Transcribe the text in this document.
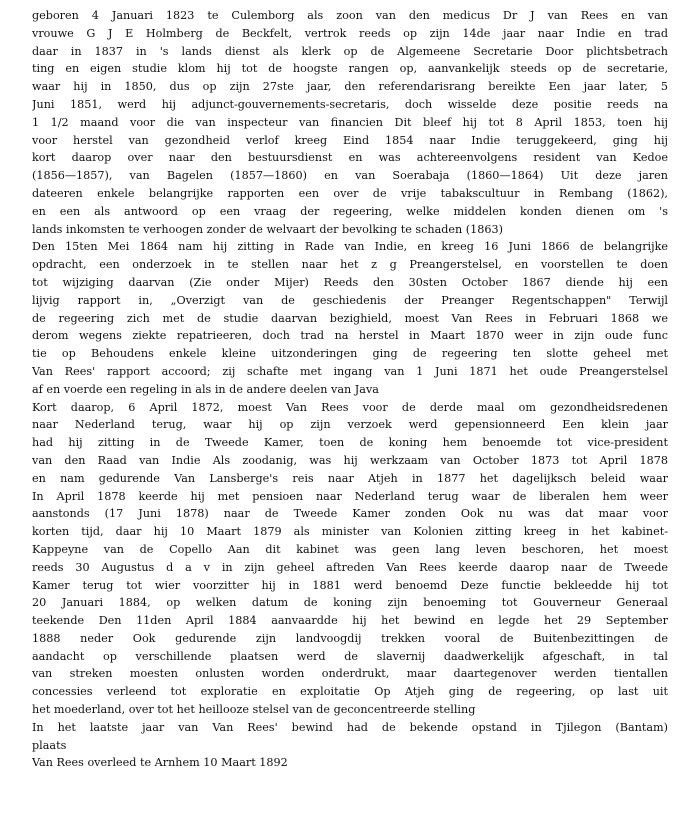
geboren 4 Januari 1823 te Culemborg als zoon van den medicus Dr J van Rees en van
vrouwe G J E Holmberg de Beckfelt, vertrok reeds op zijn 14de jaar naar Indie en trad
daar in 1837 in 's lands dienst als klerk op de Algemeene Secretarie Door plichtsbetrach
ting en eigen studie klom hij tot de hoogste rangen op, aanvankelijk steeds op de secretarie,
waar hij in 1850, dus op zijn 27ste jaar, den referendarisrang bereikte Een jaar later, 5
Juni 1851, werd hij adjunct-gouvernements-secretaris, doch wisselde deze positie reeds na
1 1/2 maand voor die van inspecteur van financien Dit bleef hij tot 8 April 1853, toen hij
voor herstel van gezondheid verlof kreeg Eind 1854 naar Indie teruggekeerd, ging hij
kort daarop over naar den bestuursdienst en was achtereenvolgens resident van Kedoe
(1856—1857), van Bagelen (1857—1860) en van Soerabaja (1860—1864) Uit deze jaren
dateeren enkele belangrijke rapporten een over de vrije tabakscultuur in Rembang (1862),
en een als antwoord op een vraag der regeering, welke middelen konden dienen om 's
lands inkomsten te verhoogen zonder de welvaart der bevolking te schaden (1863)
Den 15ten Mei 1864 nam hij zitting in Rade van Indie, en kreeg 16 Juni 1866 de belangrijke
opdracht, een onderzoek in te stellen naar het z g Preangerstelsel, en voorstellen te doen
tot wijziging daarvan (Zie onder Mijer) Reeds den 30sten October 1867 diende hij een
lijvig rapport in, „Overzigt van de geschiedenis der Preanger Regentschappen" Terwijl
de regeering zich met de studie daarvan bezighield, moest Van Rees in Februari 1868 we
derom wegens ziekte repatrieeren, doch trad na herstel in Maart 1870 weer in zijn oude func
tie op Behoudens enkele kleine uitzonderingen ging de regeering ten slotte geheel met
Van Rees' rapport accoord; zij schafte met ingang van 1 Juni 1871 het oude Preangerstelsel
af en voerde een regeling in als in de andere deelen van Java
Kort daarop, 6 April 1872, moest Van Rees voor de derde maal om gezondheidsredenen
naar Nederland terug, waar hij op zijn verzoek werd gepensionneerd Een klein jaar
had hij zitting in de Tweede Kamer, toen de koning hem benoemde tot vice-president
van den Raad van Indie Als zoodanig, was hij werkzaam van October 1873 tot April 1878
en nam gedurende Van Lansberge's reis naar Atjeh in 1877 het dagelijksch beleid waar
In April 1878 keerde hij met pensioen naar Nederland terug waar de liberalen hem weer
aanstonds (17 Juni 1878) naar de Tweede Kamer zonden Ook nu was dat maar voor
korten tijd, daar hij 10 Maart 1879 als minister van Kolonien zitting kreeg in het kabinet-
Kappeyne van de Copello Aan dit kabinet was geen lang leven beschoren, het moest
reeds 30 Augustus d a v in zijn geheel aftreden Van Rees keerde daarop naar de Tweede
Kamer terug tot wier voorzitter hij in 1881 werd benoemd Deze functie bekleedde hij tot
20 Januari 1884, op welken datum de koning zijn benoeming tot Gouverneur Generaal
teekende Den 11den April 1884 aanvaardde hij het bewind en legde het 29 September
1888 neder Ook gedurende zijn landvoogdij trekken vooral de Buitenbezittingen de
aandacht op verschillende plaatsen werd de slavernij daadwerkelijk afgeschaft, in tal
van streken moesten onlusten worden onderdrukt, maar daartegenover werden tientallen
concessies verleend tot exploratie en exploitatie Op Atjeh ging de regeering, op last uit
het moederland, over tot het heillooze stelsel van de geconcentreerde stelling
In het laatste jaar van Van Rees' bewind had de bekende opstand in Tjilegon (Bantam)
plaats
Van Rees overleed te Arnhem 10 Maart 1892
